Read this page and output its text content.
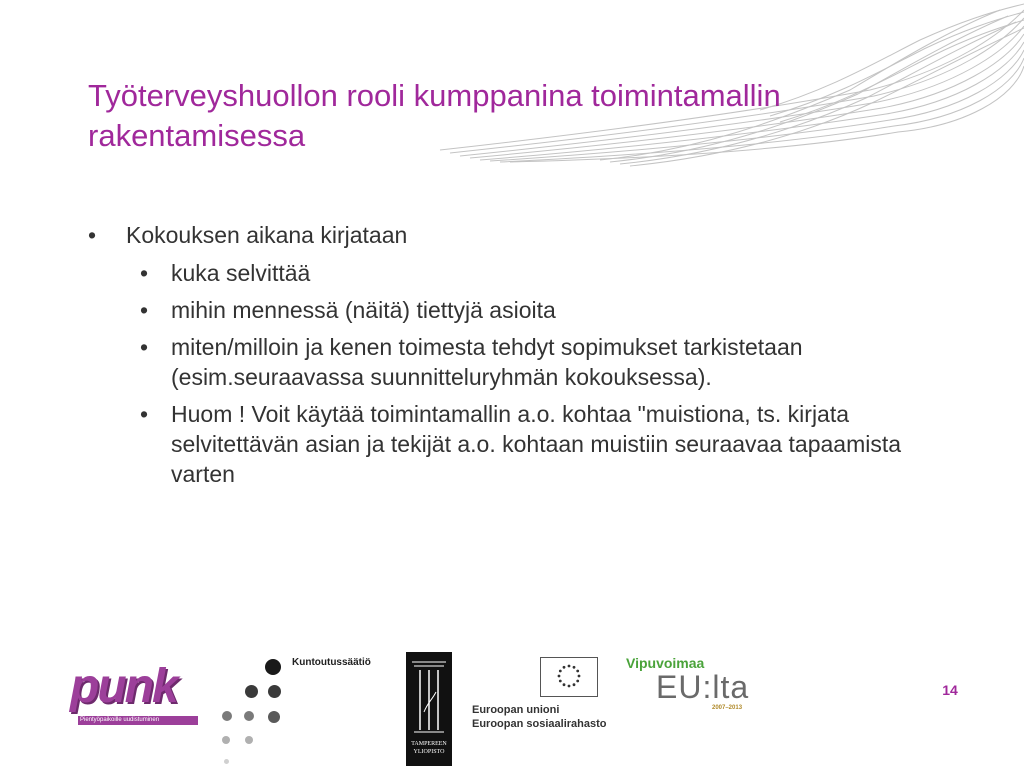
Työterveyshuollon rooli kumppanina toimintamallin rakentamisessa
• Kokouksen aikana kirjataan
• kuka selvittää
• mihin mennessä (näitä) tiettyjä asioita
• miten/milloin ja kenen toimesta tehdyt sopimukset tarkistetaan (esim.seuraavassa suunnitteluryhmän kokouksessa).
• Huom ! Voit käytää toimintamallin a.o. kohtaa "muistiona, ts. kirjata selvitettävän asian ja tekijät a.o. kohtaan muistiin seuraavaa tapaamista varten
14
punk
Pientyöpaikoille uudistuminen
Kuntoutussäätiö
TAMPEREEN
YLIOPISTO
Euroopan unioni
Euroopan sosiaalirahasto
Vipuvoimaa
EU:lta
2007–2013
